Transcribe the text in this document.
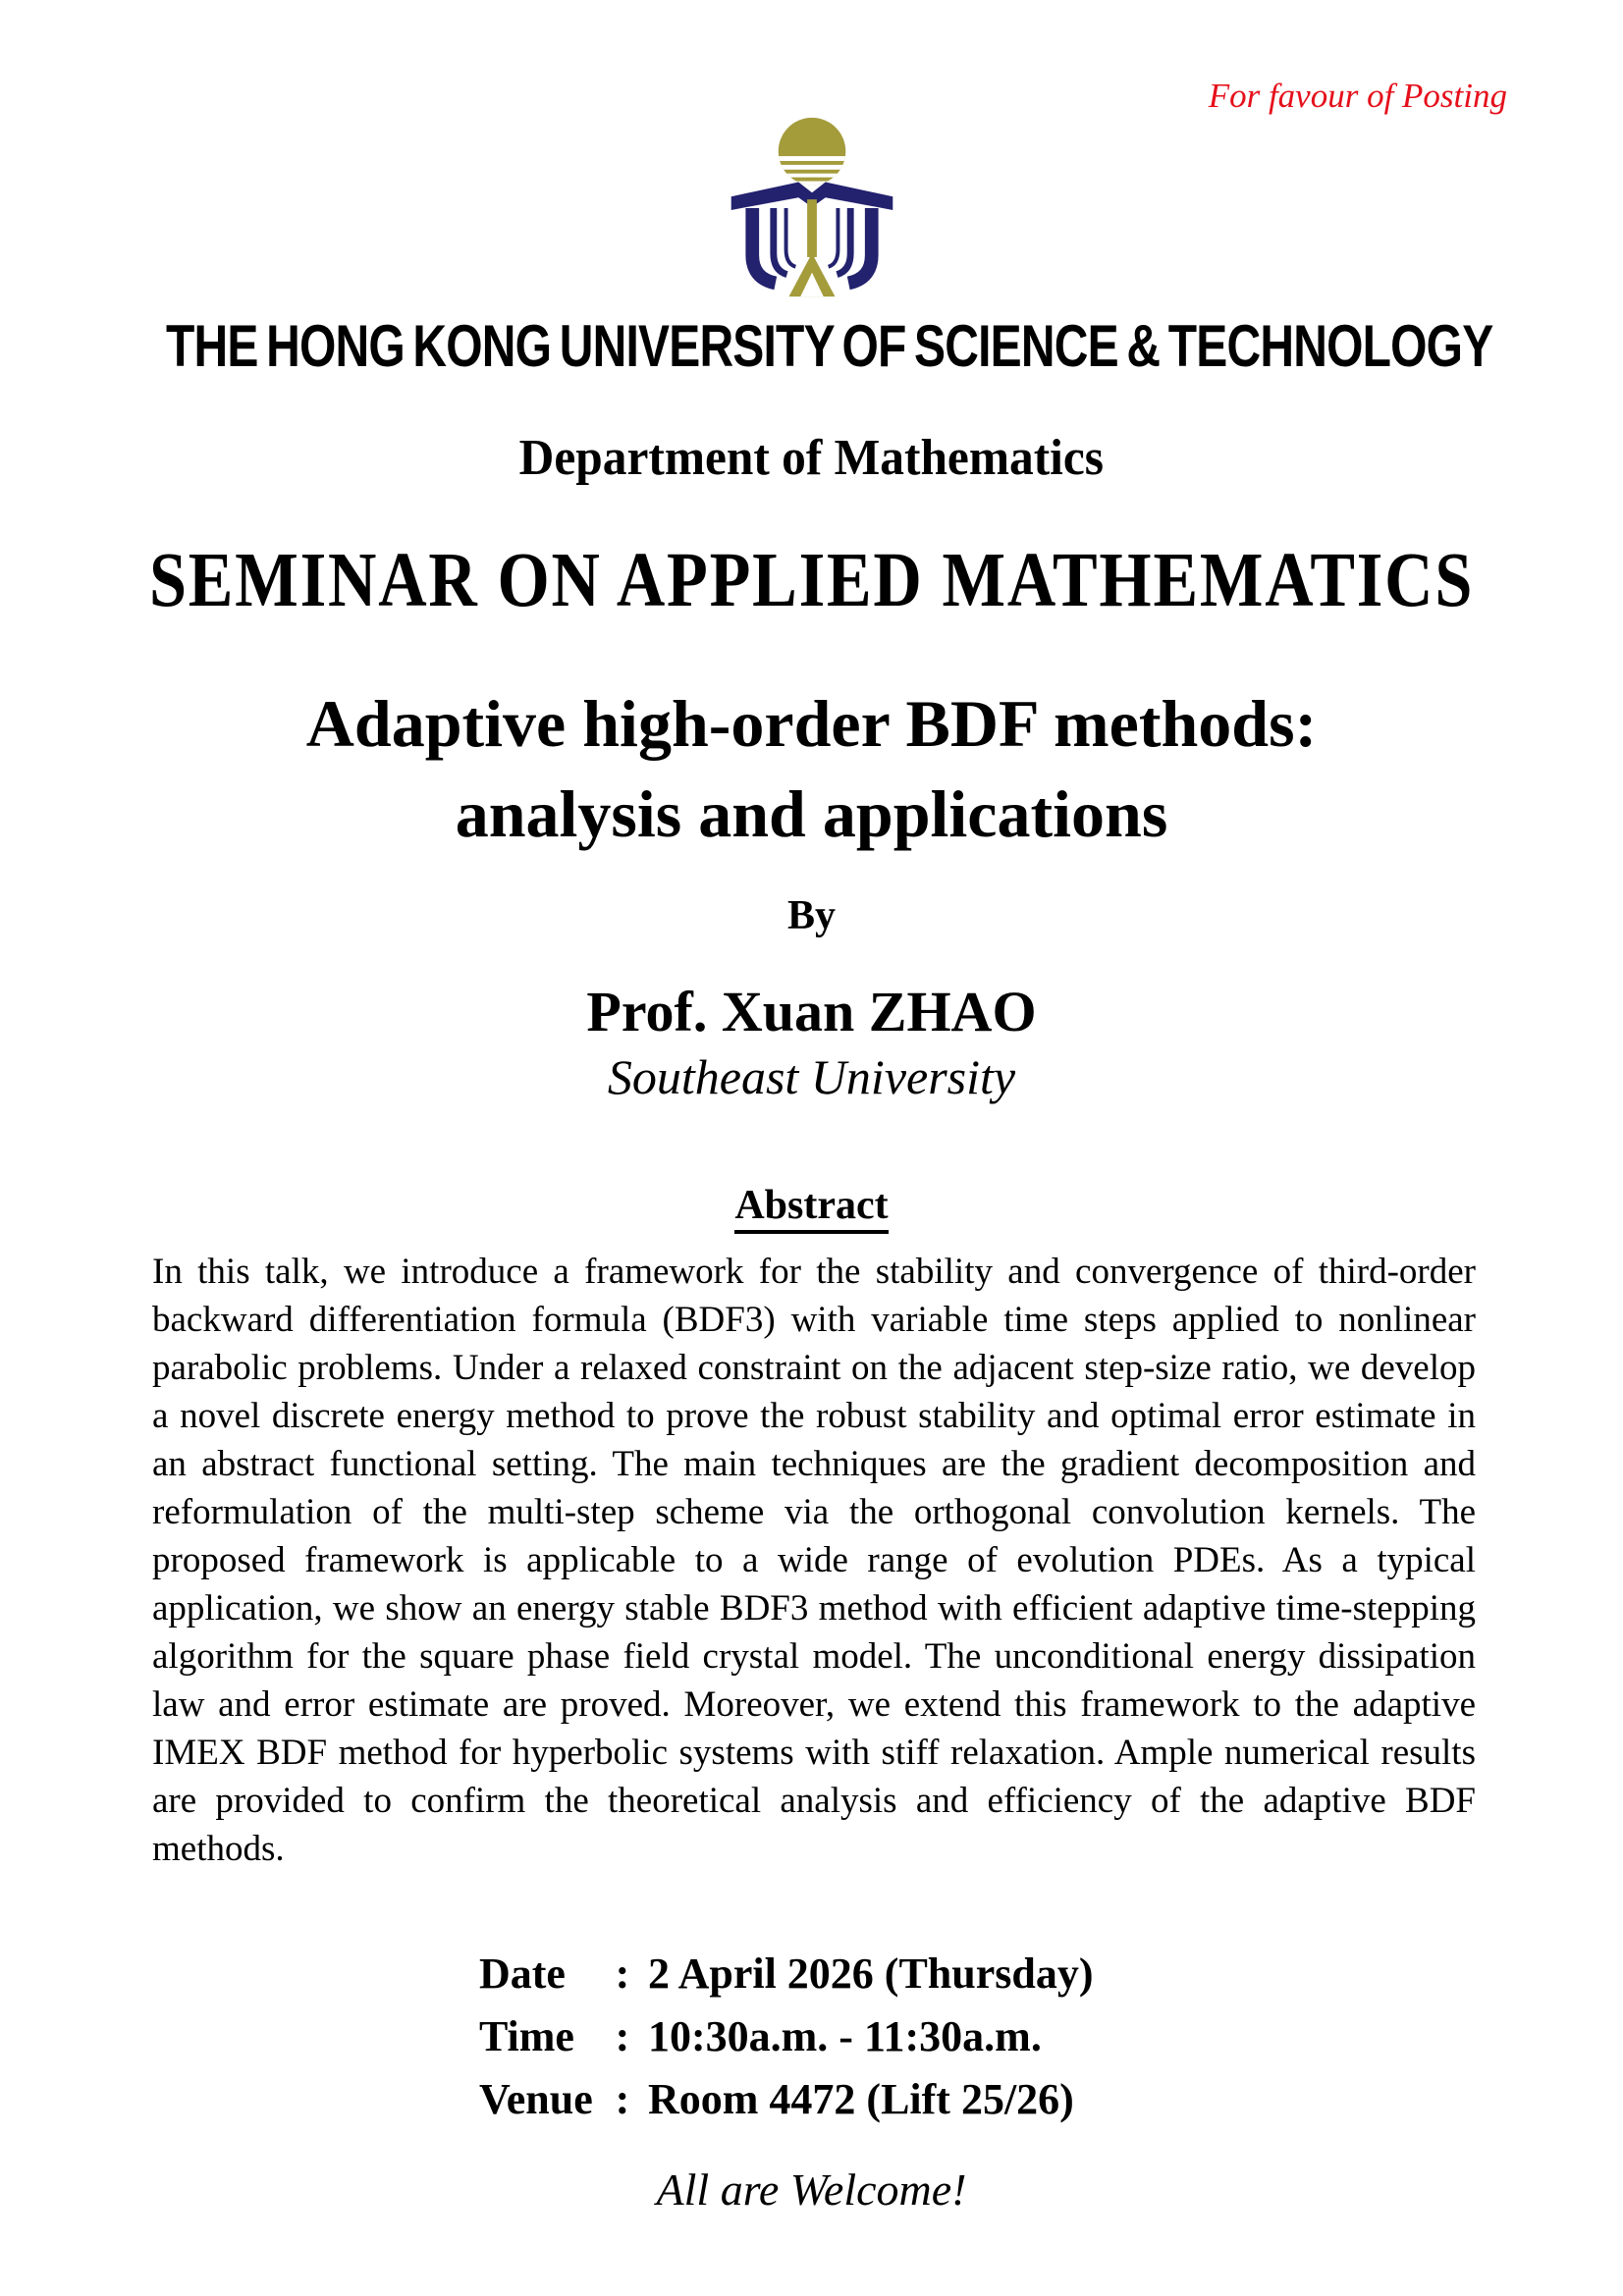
For favour of Posting
THE HONG KONG UNIVERSITY OF SCIENCE & TECHNOLOGY
Department of Mathematics
SEMINAR ON APPLIED MATHEMATICS
Adaptive high-order BDF methods:
analysis and applications
By
Prof. Xuan ZHAO
Southeast University
Abstract
In this talk, we introduce a framework for the stability and convergence of third-order backward differentiation formula (BDF3) with variable time steps applied to nonlinear parabolic problems. Under a relaxed constraint on the adjacent step-size ratio, we develop a novel discrete energy method to prove the robust stability and optimal error estimate in an abstract functional setting. The main techniques are the gradient decomposition and reformulation of the multi-step scheme via the orthogonal convolution kernels. The proposed framework is applicable to a wide range of evolution PDEs. As a typical application, we show an energy stable BDF3 method with efficient adaptive time-stepping algorithm for the square phase field crystal model. The unconditional energy dissipation law and error estimate are proved. Moreover, we extend this framework to the adaptive IMEX BDF method for hyperbolic systems with stiff relaxation. Ample numerical results are provided to confirm the theoretical analysis and efficiency of the adaptive BDF methods.
Date	: 2 April 2026 (Thursday)
Time : 10:30a.m. - 11:30a.m.
Venue : Room 4472 (Lift 25/26)
All are Welcome!
